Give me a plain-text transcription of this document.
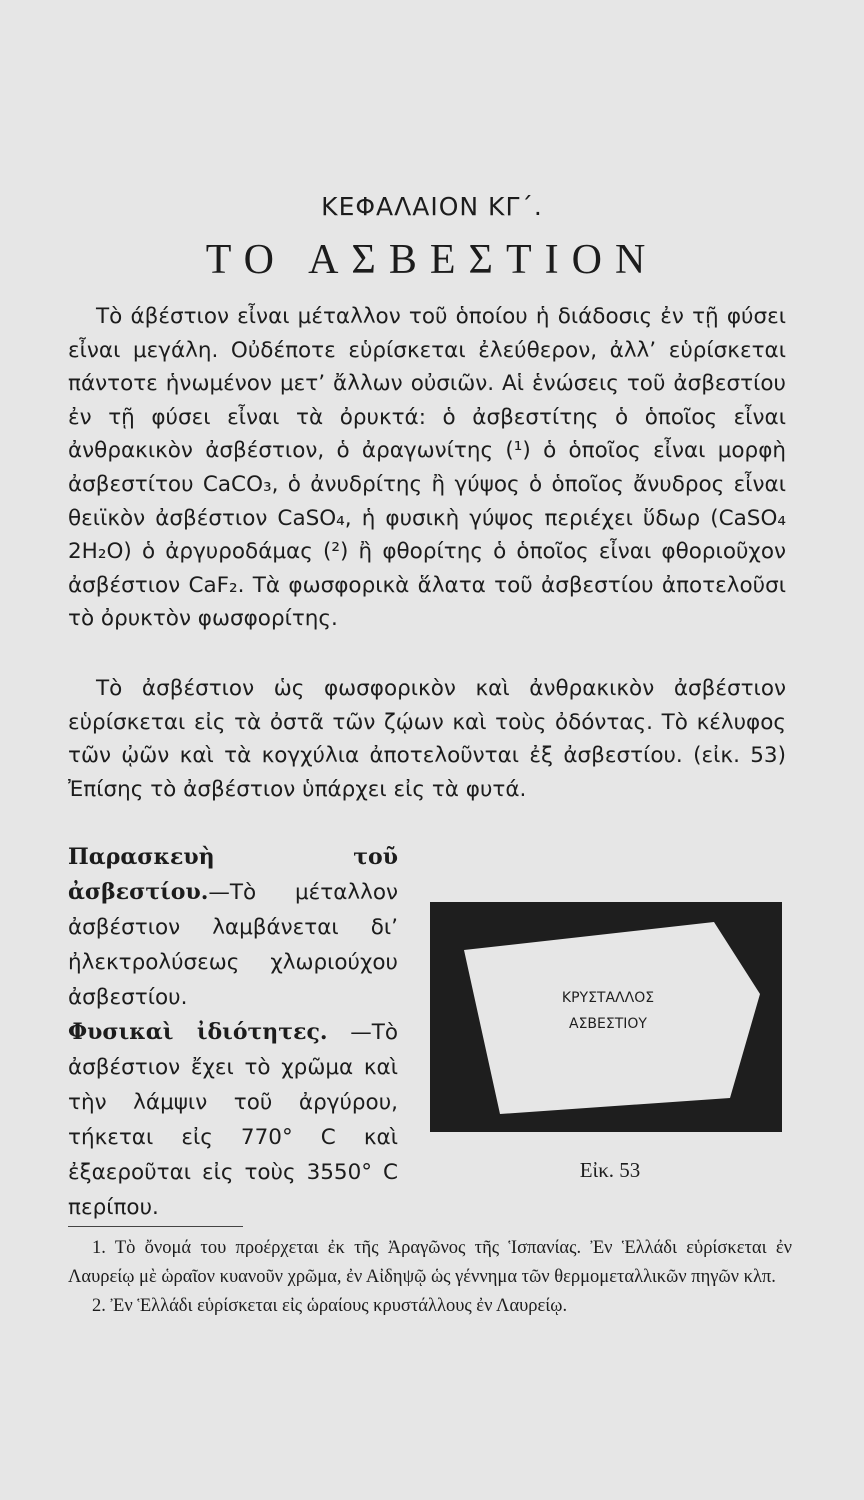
ΚΕΦΑΛΑΙΟΝ ΚΓ΄.
ΤΟ ΑΣΒΕΣΤΙΟΝ

Τὸ άβέστιον εἶναι μέταλλον τοῦ ὁποίου ἡ διάδοσις ἐν τῇ φύσει εἶναι μεγάλη. Οὐδέποτε εὑρίσκεται ἐλεύθερον, ἀλλ’ εὑρίσκεται πάντοτε ἡνωμένον μετ’ ἄλλων οὐσιῶν. Αἱ ἑνώσεις τοῦ ἀσβεστίου ἐν τῇ φύσει εἶναι τὰ ὀρυκτά: ὁ ἀσβεστίτης ὁ ὁποῖος εἶναι ἀνθρακικὸν ἀσβέστιον, ὁ ἀραγωνίτης (¹) ὁ ὁποῖος εἶναι μορφὴ ἀσβεστίτου CaCO₃, ὁ ἀνυδρίτης ἢ γύψος ὁ ὁποῖος ἄνυδρος εἶναι θειϊκὸν ἀσβέστιον CaSO₄, ἡ φυσικὴ γύψος περιέχει ὕδωρ (CaSO₄ 2H₂O) ὁ ἀργυροδάμας (²) ἢ φθορίτης ὁ ὁποῖος εἶναι φθοριοῦχον ἀσβέστιον CaF₂. Τὰ φωσφορικὰ ἅλατα τοῦ ἀσβεστίου ἀποτελοῦσι τὸ ὀρυκτὸν φωσφορίτης.

Τὸ ἀσβέστιον ὡς φωσφορικὸν καὶ ἀνθρακικὸν ἀσβέστιον εὑρίσκεται εἰς τὰ ὀστᾶ τῶν ζῴων καὶ τοὺς ὀδόντας. Τὸ κέλυφος τῶν ᾠῶν καὶ τὰ κογχύλια ἀποτελοῦνται ἐξ ἀσβεστίου. (εἰκ. 53) Ἐπίσης τὸ ἀσβέστιον ὑπάρχει εἰς τὰ φυτά.

Παρασκευὴ τοῦ ἀσβεστίου.—Τὸ μέταλλον ἀσβέστιον λαμβάνεται δι’ ἠλεκτρολύσεως χλωριούχου ἀσβεστίου.

Φυσικαὶ ἰδιότητες. —Τὸ ἀσβέστιον ἔχει τὸ χρῶμα καὶ τὴν λάμψιν τοῦ ἀργύρου, τήκεται εἰς 770° C καὶ ἐξαεροῦται εἰς τοὺς 3550° C περίπου.

ΚΡΥΣΤΑΛΛΟΣ
ΑΣΒΕΣΤΙΟΥ
Εἰκ. 53

1. Τὸ ὄνομά του προέρχεται ἐκ τῆς Ἀραγῶνος τῆς Ἱσπανίας. Ἐν Ἑλλάδι εὑρίσκεται ἐν Λαυρείῳ μὲ ὡραῖον κυανοῦν χρῶμα, ἐν Αἰδηψῷ ὡς γέννημα τῶν θερμομεταλλικῶν πηγῶν κλπ.

2. Ἐν Ἑλλάδι εὑρίσκεται εἰς ὡραίους κρυστάλλους ἐν Λαυρείῳ.
